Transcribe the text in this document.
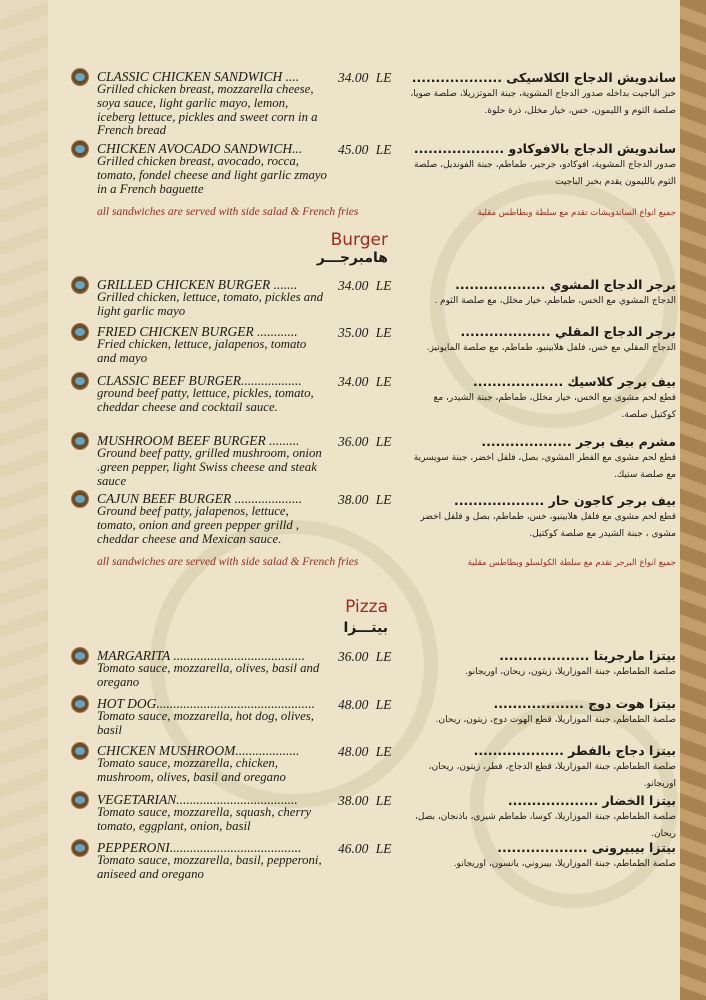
CLASSIC CHICKEN SANDWICH ....	34.00 LE
Grilled chicken breast, mozzarella cheese, soya sauce, light garlic mayo, lemon, iceberg lettuce, pickles and sweet corn in a French bread
ساندويش الدجاج الكلاسيكى ...................
خبز الباجيت بداخله صدور الدجاج المشوية، جبنة الموتزريلا، صلصة صويا، صلصة الثوم و الليمون، خس، خيار مخلل، ذرة حلوة.
CHICKEN AVOCADO SANDWICH...	45.00 LE
Grilled chicken breast, avocado, rocca, tomato, fondel cheese and light garlic zmayo in a French baguette
ساندويش الدجاج بالافوكادو ...................
صدور الدجاج المشوية، افوكادو، جرجير، طماطم، جبنة الفونديل، صلصة الثوم بالليمون يقدم بخبز الباجيت
all sandwiches are served with side salad & French fries	جميع انواع الساندويشات تقدم مع سلطة وبطاطس مقلية
Burger
هامبرجـــر
GRILLED CHICKEN BURGER .......	34.00 LE
Grilled chicken, lettuce, tomato, pickles and light garlic mayo
برجر الدجاج المشوي ...................
الدجاج المشوي مع الخس، طماطم، خيار مخلل، مع صلصة الثوم .
FRIED CHICKEN BURGER ............	35.00 LE
Fried chicken, lettuce, jalapenos, tomato and mayo
برجر الدجاج المقلي ...................
الدجاج المقلي مع خس، فلفل هلابينيو، طماطم، مع صلصة المايونيز.
CLASSIC BEEF BURGER..................	34.00 LE
ground beef patty, lettuce, pickles, tomato, cheddar cheese and cocktail sauce.
بيف برجر كلاسيك ...................
قطع لحم مشوى مع الخس، خيار مخلل، طماطم، جبنة الشيدر، مع كوكتيل صلصة.
MUSHROOM BEEF BURGER .........	36.00 LE
Ground beef patty, grilled mushroom, onion .green pepper, light Swiss cheese and steak sauce
مشرم بيف برجر ...................
قطع لحم مشوى مع الفطر المشوي، بصل، فلفل اخضر، جبنة سويسرية مع صلصة ستيك.
CAJUN BEEF BURGER ....................	38.00 LE
Ground beef patty, jalapenos, lettuce, tomato, onion and green pepper grilld , cheddar cheese and Mexican sauce.
بيف برجر كاجون حار ...................
قطع لحم مشوى مع فلفل هلابينيو، خس، طماطم، بصل و فلفل اخضر مشوي ، جبنة الشيدر مع صلصة كوكتيل.
all sandwiches are served with side salad & French fries	جميع انواع البرجر تقدم مع سلطة الكولسلو وبطاطس مقلية
Pizza
بيتـــزا
MARGARITA ....................................... 36.00 LE
Tomato sauce, mozzarella, olives, basil and oregano
بيتزا مارجريتا ...................
صلصة الطماطم، جبنة الموزاريلا، زيتون، ريحان، اوريجانو.
HOT DOG............................................... 48.00 LE
Tomato sauce, mozzarella, hot dog, olives, basil
بيتزا هوت دوج ...................
صلصة الطماطم، جبنة الموزاريلا، قطع الهوت دوج، زيتون، ريحان.
CHICKEN MUSHROOM...................	48.00 LE
Tomato sauce, mozzarella, chicken, mushroom, olives, basil and oregano
بيتزا دجاج بالفطر ...................
صلصة الطماطم، جبنة الموزاريلا، قطع الدجاج، فطر، زيتون، ريحان، اوريجانو.
VEGETARIAN....................................	38.00 LE
Tomato sauce, mozzarella, squash, cherry tomato, eggplant, onion, basil
بيتزا الخضار ...................
صلصة الطماطم، جبنة الموزاريلا، كوسا، طماطم شيرى، باذنجان، بصل، ريحان.
PEPPERONI.......................................	46.00 LE
Tomato sauce, mozzarella, basil, pepperoni, aniseed and oregano
بيتزا بيبيرونى ...................
صلصة الطماطم، جبنة الموزاريلا، بيبروني، يانسون، اوريجانو.
